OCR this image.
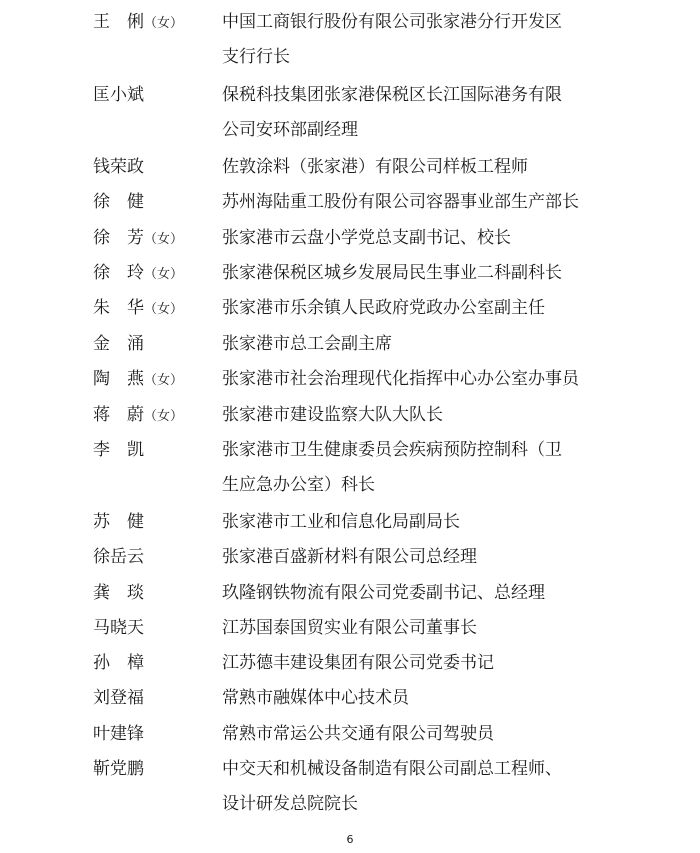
王 俐（女）	中国工商银行股份有限公司张家港分行开发区
支行行长
匡小斌	保税科技集团张家港保税区长江国际港务有限
公司安环部副经理
钱荣政	佐敦涂料（张家港）有限公司样板工程师
徐 健	苏州海陆重工股份有限公司容器事业部生产部长
徐 芳（女）	张家港市云盘小学党总支副书记、校长
徐 玲（女）	张家港保税区城乡发展局民生事业二科副科长
朱 华（女）	张家港市乐余镇人民政府党政办公室副主任
金 涌	张家港市总工会副主席
陶 燕（女）	张家港市社会治理现代化指挥中心办公室办事员
蒋 蔚（女）	张家港市建设监察大队大队长
李 凯	张家港市卫生健康委员会疾病预防控制科（卫
生应急办公室）科长
苏 健	张家港市工业和信息化局副局长
徐岳云	张家港百盛新材料有限公司总经理
龚 琰	玖隆钢铁物流有限公司党委副书记、总经理
马晓天	江苏国泰国贸实业有限公司董事长
孙 樟	江苏德丰建设集团有限公司党委书记
刘登福	常熟市融媒体中心技术员
叶建锋	常熟市常运公共交通有限公司驾驶员
靳党鹏	中交天和机械设备制造有限公司副总工程师、
设计研发总院院长
6
